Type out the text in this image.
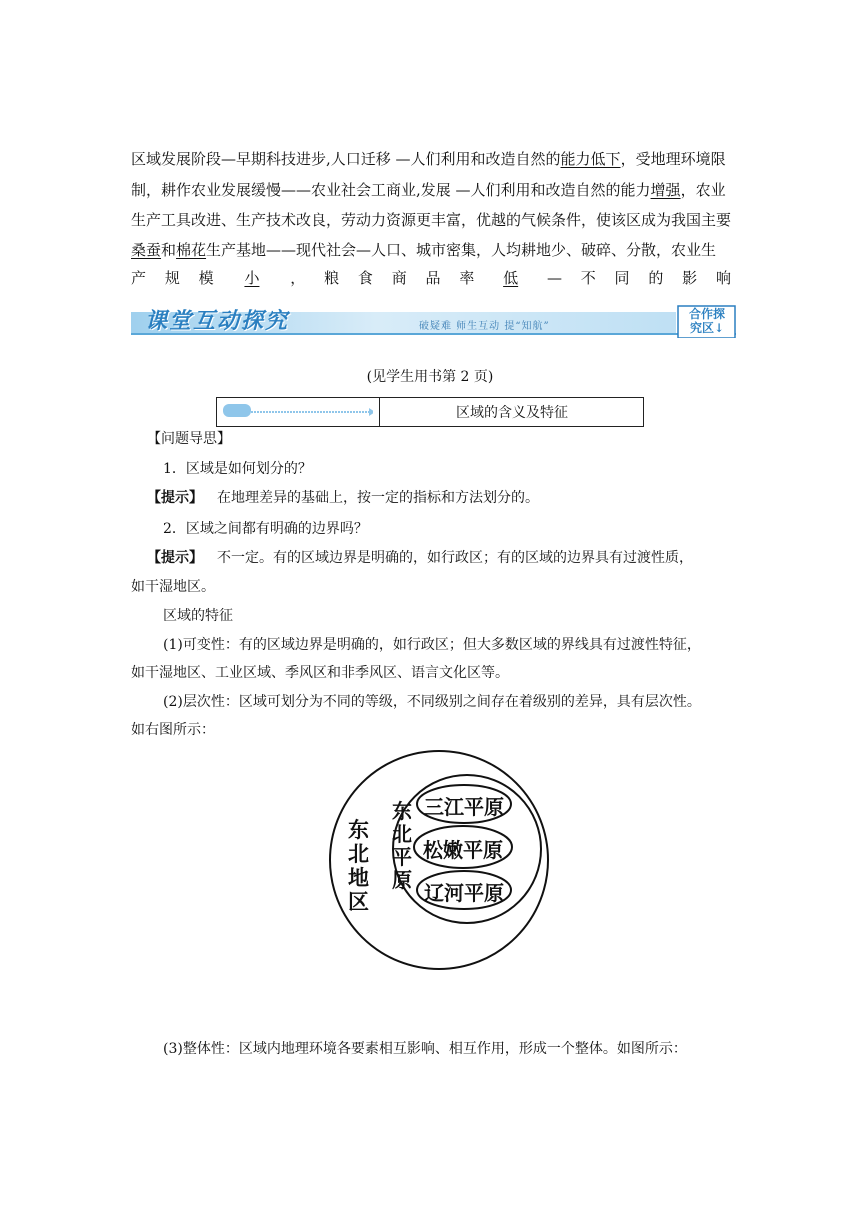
区域发展阶段—早期科技进步,人口迁移 —人们利用和改造自然的能力低下，受地理环境限
制，耕作农业发展缓慢——农业社会工商业,发展 —人们利用和改造自然的能力增强，农业
生产工具改进、生产技术改良，劳动力资源更丰富，优越的气候条件，使该区成为我国主要
桑蚕和棉花生产基地——现代社会—人口、城市密集，人均耕地少、破碎、分散，农业生
产 规 模	小	， 粮 食 商 品 率	低	— 不 同 的 影 响
课堂互动探究	破疑难 师生互动 提“知航”
合作探
究区↓
(见学生用书第 2 页)
区域的含义及特征
【问题导思】
1．区域是如何划分的？
【提示】 在地理差异的基础上，按一定的指标和方法划分的。
2．区域之间都有明确的边界吗？
【提示】 不一定。有的区域边界是明确的，如行政区；有的区域的边界具有过渡性质，
如干湿地区。
区域的特征
(1)可变性：有的区域边界是明确的，如行政区；但大多数区域的界线具有过渡性特征，
如干湿地区、工业区域、季风区和非季风区、语言文化区等。
(2)层次性：区域可划分为不同的等级，不同级别之间存在着级别的差异，具有层次性。
如右图所示：
东北地区
东北平原
三江平原
松嫩平原
辽河平原
(3)整体性：区域内地理环境各要素相互影响、相互作用，形成一个整体。如图所示：
